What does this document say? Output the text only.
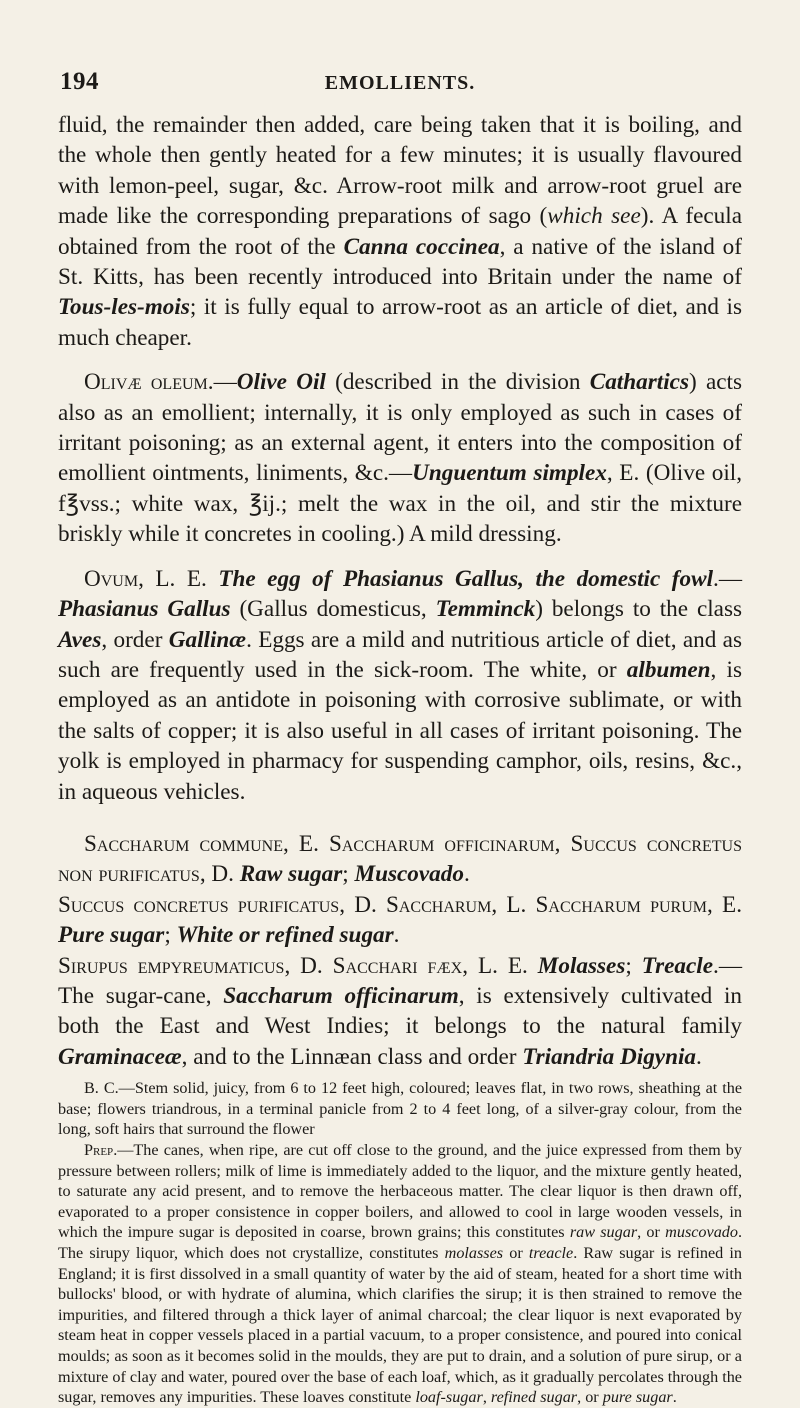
194	EMOLLIENTS.

fluid, the remainder then added, care being taken that it is boiling, and the whole then gently heated for a few minutes; it is usually flavoured with lemon-peel, sugar, &c. Arrow-root milk and arrow-root gruel are made like the corresponding preparations of sago (which see). A fecula obtained from the root of the Canna coccinea, a native of the island of St. Kitts, has been recently introduced into Britain under the name of Tous-les-mois; it is fully equal to arrow-root as an article of diet, and is much cheaper.

Olivæ oleum.—Olive Oil (described in the division Cathartics) acts also as an emollient; internally, it is only employed as such in cases of irritant poisoning; as an external agent, it enters into the composition of emollient ointments, liniments, &c.—Unguentum simplex, E. (Olive oil, f℥vss.; white wax, ℥ij.; melt the wax in the oil, and stir the mixture briskly while it concretes in cooling.) A mild dressing.

Ovum, L. E. The egg of Phasianus Gallus, the domestic fowl.—Phasianus Gallus (Gallus domesticus, Temminck) belongs to the class Aves, order Gallinæ. Eggs are a mild and nutritious article of diet, and as such are frequently used in the sick-room. The white, or albumen, is employed as an antidote in poisoning with corrosive sublimate, or with the salts of copper; it is also useful in all cases of irritant poisoning. The yolk is employed in pharmacy for suspending camphor, oils, resins, &c., in aqueous vehicles.

Saccharum commune, E. Saccharum officinarum, Succus concretus non purificatus, D. Raw sugar; Muscovado.
Succus concretus purificatus, D. Saccharum, L. Saccharum purum, E. Pure sugar; White or refined sugar.
Sirupus empyreumaticus, D. Sacchari fæx, L. E. Molasses; Treacle.—The sugar-cane, Saccharum officinarum, is extensively cultivated in both the East and West Indies; it belongs to the natural family Graminaceæ, and to the Linnæan class and order Triandria Digynia.

B. C.—Stem solid, juicy, from 6 to 12 feet high, coloured; leaves flat, in two rows, sheathing at the base; flowers triandrous, in a terminal panicle from 2 to 4 feet long, of a silver-gray colour, from the long, soft hairs that surround the flower

Prep.—The canes, when ripe, are cut off close to the ground, and the juice expressed from them by pressure between rollers; milk of lime is immediately added to the liquor, and the mixture gently heated, to saturate any acid present, and to remove the herbaceous matter. The clear liquor is then drawn off, evaporated to a proper consistence in copper boilers, and allowed to cool in large wooden vessels, in which the impure sugar is deposited in coarse, brown grains; this constitutes raw sugar, or muscovado. The sirupy liquor, which does not crystallize, constitutes molasses or treacle. Raw sugar is refined in England; it is first dissolved in a small quantity of water by the aid of steam, heated for a short time with bullocks' blood, or with hydrate of alumina, which clarifies the sirup; it is then strained to remove the impurities, and filtered through a thick layer of animal charcoal; the clear liquor is next evaporated by steam heat in copper vessels placed in a partial vacuum, to a proper consistence, and poured into conical moulds; as soon as it becomes solid in the moulds, they are put to drain, and a solution of pure sirup, or a mixture of clay and water, poured over the base of each loaf, which, as it gradually percolates through the sugar, removes any impurities. These loaves constitute loaf-sugar, refined sugar, or pure sugar.
